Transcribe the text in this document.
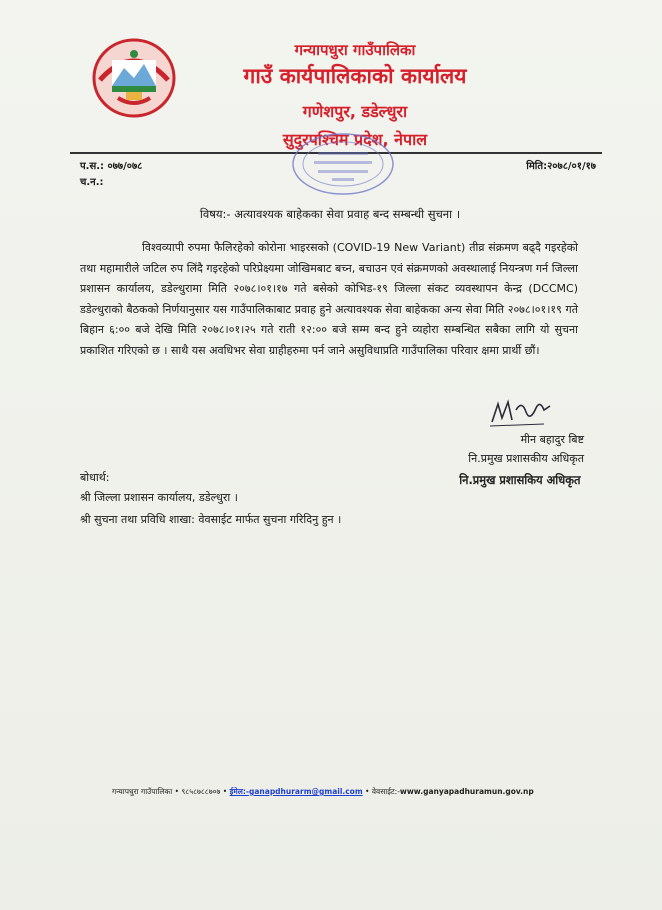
गन्यापधुरा गाउँपालिका
गाउँ कार्यपालिकाको कार्यालय
गणेशपुर, डडेल्धुरा
सुदुरपश्चिम प्रदेश, नेपाल
प.स.: ०७७/०७८
च.न.:
मिति:२०७८/०१/१७
विषय:- अत्यावश्यक बाहेकका सेवा प्रवाह बन्द सम्बन्धी सुचना ।

विश्वव्यापी रुपमा फैलिरहेको कोरोना भाइरसको (COVID-19 New Variant) तीव्र संक्रमण बढ्दै गइरहेको तथा महामारीले जटिल रुप लिंदै गइरहेको परिप्रेक्ष्यमा जोखिमबाट बच्न, बचाउन एवं संक्रमणको अवस्थालाई नियन्त्रण गर्न जिल्ला प्रशासन कार्यालय, डडेल्धुरामा मिति २०७८।०१।१७ गते बसेको कोभिड-१९ जिल्ला संकट व्यवस्थापन केन्द्र (DCCMC) डडेल्धुराको बैठकको निर्णयानुसार यस गाउँपालिकाबाट प्रवाह हुने अत्यावश्यक सेवा बाहेकका अन्य सेवा मिति २०७८।०१।१९ गते बिहान ६:०० बजे देखि मिति २०७८।०१।२५ गते राती १२:०० बजे सम्म बन्द हुने व्यहोरा सम्बन्धित सबैका लागि यो सुचना प्रकाशित गरिएको छ । साथै यस अवधिभर सेवा ग्राहीहरुमा पर्न जाने असुविधाप्रति गाउँपालिका परिवार क्षमा प्रार्थी छौं।

मीन बहादुर बिष्ट
नि.प्रमुख प्रशासकीय अधिकृत
नि.प्रमुख प्रशासकिय अधिकृत
बोधार्थ:
श्री जिल्ला प्रशासन कार्यालय, डडेल्धुरा ।
श्री सुचना तथा प्रविधि शाखा: वेवसाईट मार्फत सुचना गरिदिनु हुन ।
गन्यापधुरा गाउँपालिका • ९८५८७८८७०७ • ईमेल:-ganapdhurarm@gmail.com • वेवसाईट:-www.ganyapadhuramun.gov.np
